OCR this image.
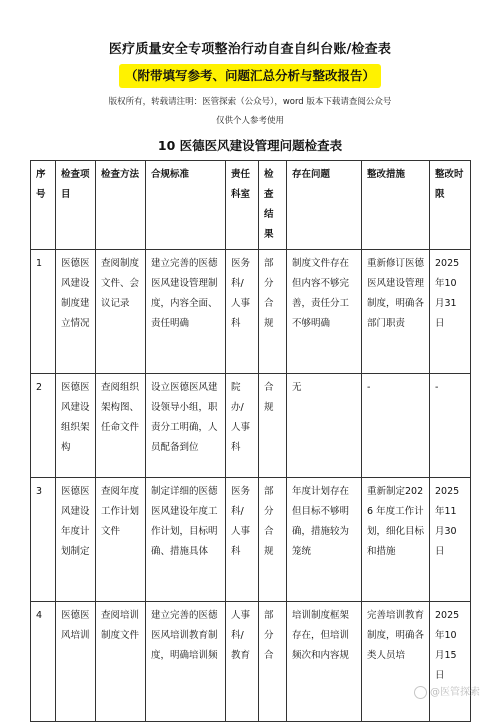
医疗质量安全专项整治行动自查自纠台账/检查表
（附带填写参考、问题汇总分析与整改报告）
版权所有，转载请注明：医管探索（公众号），word 版本下载请查阅公众号
仅供个人参考使用
10 医德医风建设管理问题检查表
序号	检查项目	检查方法	合规标准	责任科室	检查结果	存在问题	整改措施	整改时限
1	医德医风建设制度建立情况	查阅制度文件、会议记录	建立完善的医德医风建设管理制度，内容全面、责任明确	医务科/人事科	部分合规	制度文件存在但内容不够完善，责任分工不够明确	重新修订医德医风建设管理制度，明确各部门职责	2025年10月31日
2	医德医风建设组织架构	查阅组织架构图、任命文件	设立医德医风建设领导小组，职责分工明确，人员配备到位	院办/人事科	合规	无	-	-
3	医德医风建设年度计划制定	查阅年度工作计划文件	制定详细的医德医风建设年度工作计划，目标明确、措施具体	医务科/人事科	部分合规	年度计划存在但目标不够明确，措施较为笼统	重新制定2026 年度工作计划，细化目标和措施	2025年11月30日
4	医德医风培训	查阅培训制度文件	建立完善的医德医风培训教育制度，明确培训频	人事科/教育	部分合	培训制度框架存在，但培训频次和内容规	完善培训教育制度，明确各类人员培	2025年10月15日
@医管探索
